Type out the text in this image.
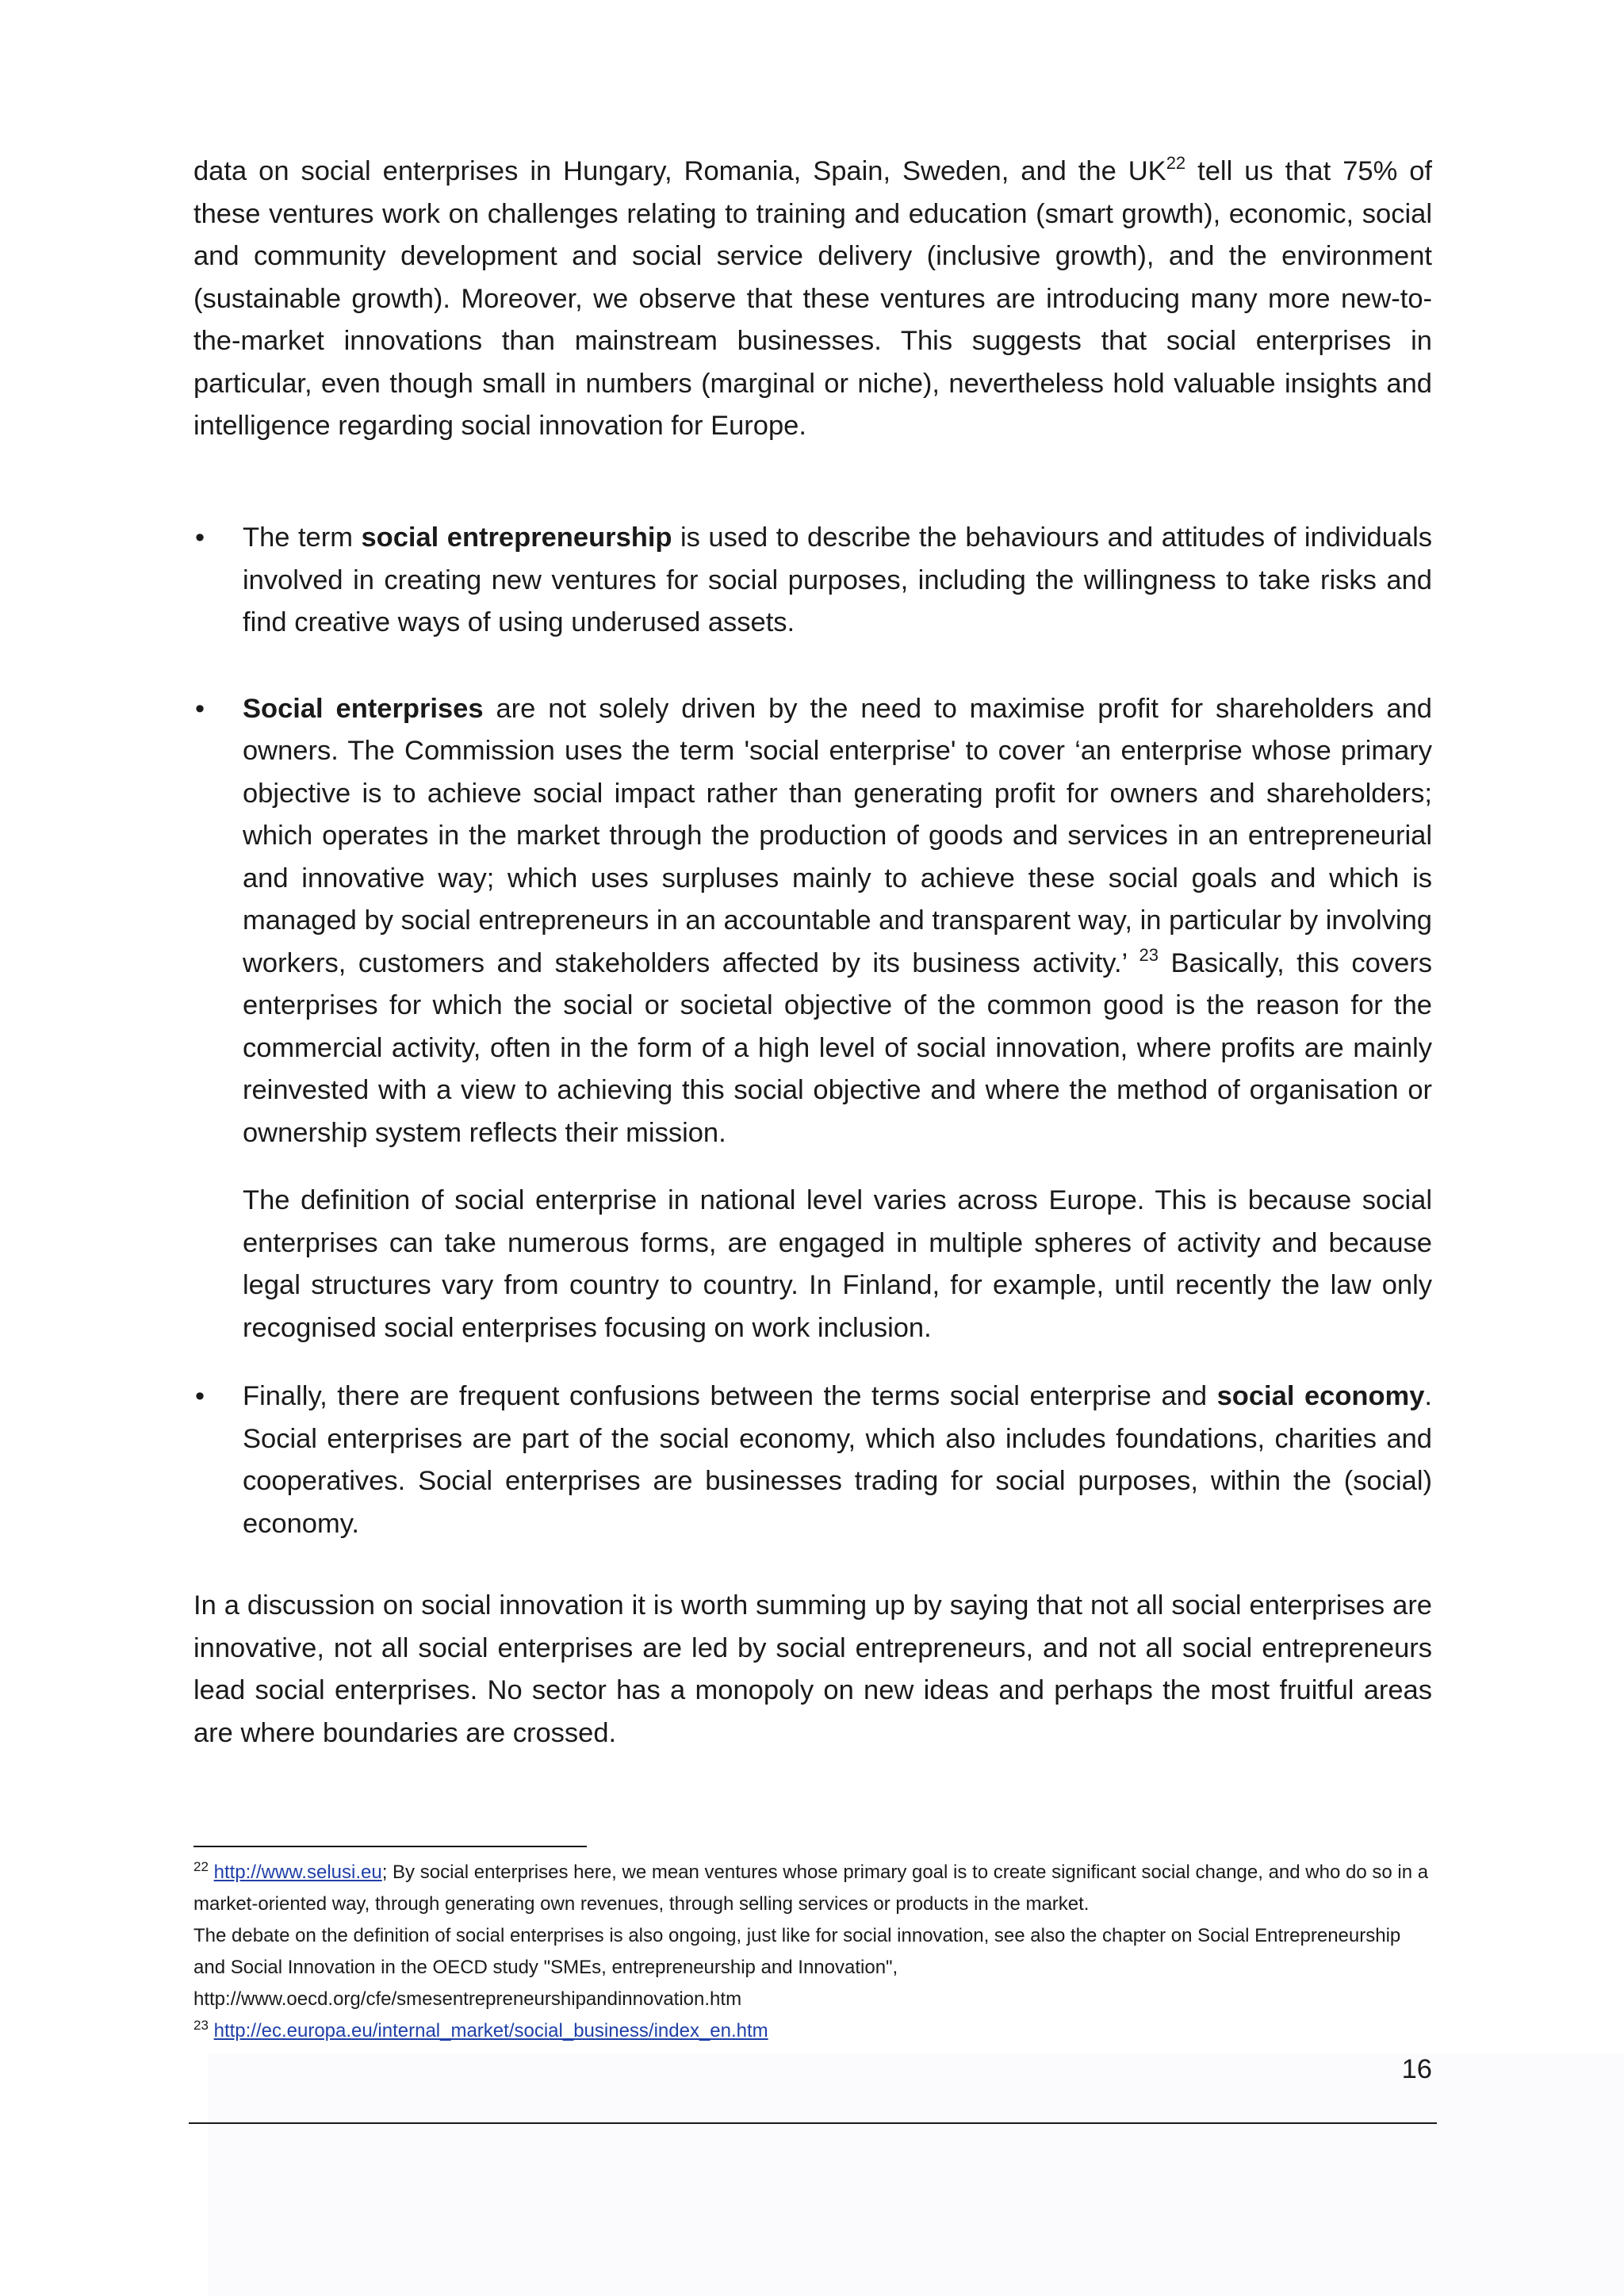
data on social enterprises in Hungary, Romania, Spain, Sweden, and the UK$^{22}$ tell us that 75% of these ventures work on challenges relating to training and education (smart growth), economic, social and community development and social service delivery (inclusive growth), and the environment (sustainable growth). Moreover, we observe that these ventures are introducing many more new-to-the-market innovations than mainstream businesses. This suggests that social enterprises in particular, even though small in numbers (marginal or niche), nevertheless hold valuable insights and intelligence regarding social innovation for Europe.

•	The term social entrepreneurship is used to describe the behaviours and attitudes of individuals involved in creating new ventures for social purposes, including the willingness to take risks and find creative ways of using underused assets.
•	Social enterprises are not solely driven by the need to maximise profit for shareholders and owners. The Commission uses the term 'social enterprise' to cover ‘an enterprise whose primary objective is to achieve social impact rather than generating profit for owners and shareholders; which operates in the market through the production of goods and services in an entrepreneurial and innovative way; which uses surpluses mainly to achieve these social goals and which is managed by social entrepreneurs in an accountable and transparent way, in particular by involving workers, customers and stakeholders affected by its business activity.’ $^{23}$ Basically, this covers enterprises for which the social or societal objective of the common good is the reason for the commercial activity, often in the form of a high level of social innovation, where profits are mainly reinvested with a view to achieving this social objective and where the method of organisation or ownership system reflects their mission.

The definition of social enterprise in national level varies across Europe. This is because social enterprises can take numerous forms, are engaged in multiple spheres of activity and because legal structures vary from country to country. In Finland, for example, until recently the law only recognised social enterprises focusing on work inclusion.

•	Finally, there are frequent confusions between the terms social enterprise and social economy. Social enterprises are part of the social economy, which also includes foundations, charities and cooperatives. Social enterprises are businesses trading for social purposes, within the (social) economy.

In a discussion on social innovation it is worth summing up by saying that not all social enterprises are innovative, not all social enterprises are led by social entrepreneurs, and not all social entrepreneurs lead social enterprises. No sector has a monopoly on new ideas and perhaps the most fruitful areas are where boundaries are crossed.

$^{22}$ http://www.selusi.eu; By social enterprises here, we mean ventures whose primary goal is to create significant social change, and who do so in a market-oriented way, through generating own revenues, through selling services or products in the market.

The debate on the definition of social enterprises is also ongoing, just like for social innovation, see also the chapter on Social Entrepreneurship and Social Innovation in the OECD study "SMEs, entrepreneurship and Innovation",

http://www.oecd.org/cfe/smesentrepreneurshipandinnovation.htm

$^{23}$ http://ec.europa.eu/internal_market/social_business/index_en.htm

16
